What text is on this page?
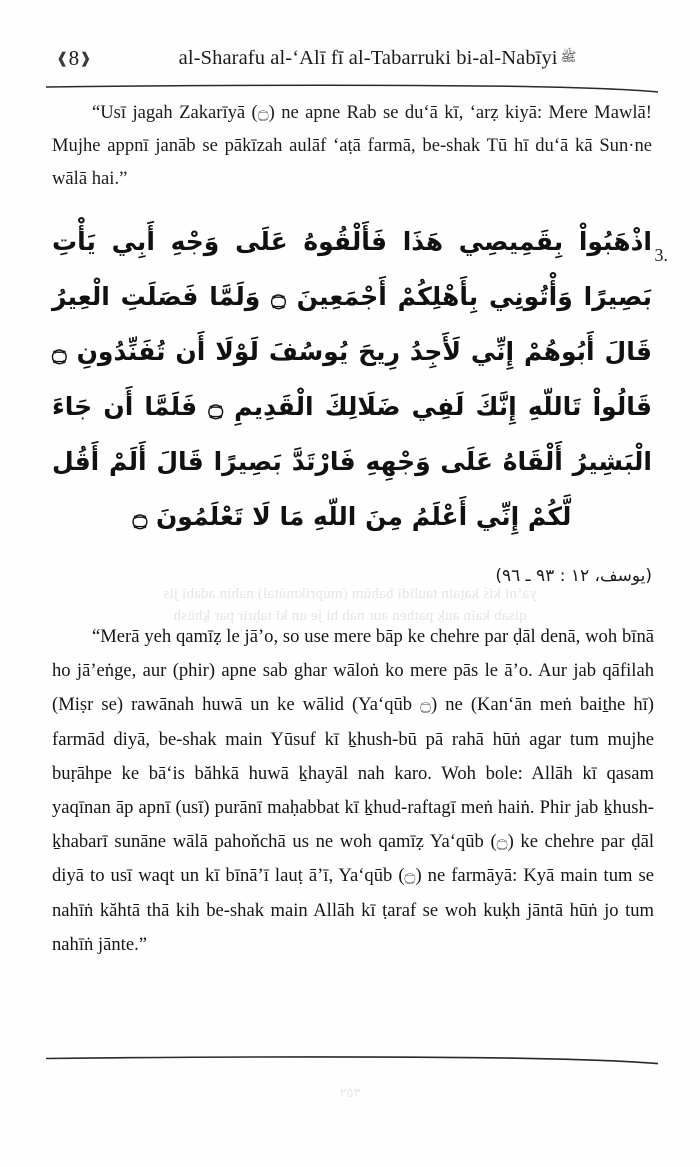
❰8❱	al-Sharafu al-‘Alī fī al-Tabarruki bi-al-Nabīyi ﷺ
ya‘nī kiś kaṯaīn taulīdī baḥūm (muprikmūtal) nahin adabī jis
qisab kaīn auḵ paṭhen aur nah hi je un kī taḥrīr par ḵhūsh
“Usī jagah Zakarīyā (۝) ne apne Rab se du‘ā kī, ‘arẓ kiyā: Mere Mawlā! Mujhe appnī janāb se pākīzah aulāf ‘aṭā farmā, be-shak Tū hī du‘ā kā Sun·ne wālā hai.”
3.
اذْهَبُواْ بِقَمِيصِي هَذَا فَأَلْقُوهُ عَلَى وَجْهِ أَبِي يَأْتِ بَصِيرًا وَأْتُونِي بِأَهْلِكُمْ أَجْمَعِينَ ۝ وَلَمَّا فَصَلَتِ الْعِيرُ قَالَ أَبُوهُمْ إِنِّي لَأَجِدُ رِيحَ يُوسُفَ لَوْلَا أَن تُفَنِّدُونِ ۝ قَالُواْ تَاللّهِ إِنَّكَ لَفِي ضَلَالِكَ الْقَدِيمِ ۝ فَلَمَّا أَن جَاءَ الْبَشِيرُ أَلْقَاهُ عَلَى وَجْهِهِ فَارْتَدَّ بَصِيرًا قَالَ أَلَمْ أَقُل لَّكُمْ إِنِّي أَعْلَمُ مِنَ اللّهِ مَا لَا تَعْلَمُونَ ۝
(يوسف، ١٢ : ٩٣ ـ ٩٦)
“Merā yeh qamīẓ le jā’o, so use mere bāp ke chehre par ḍāl denā, woh bīnā ho jā’eṅge, aur (phir) apne sab ghar wāloṅ ko mere pās le ā’o. Aur jab qāfilah (Miṣr se) rawānah huwā un ke wālid (Ya‘qūb ۝) ne (Kan‘ān meṅ baiṯhe hī) farmād diyā, be-shak main Yūsuf kī ḵhush-bū pā rahā hūṅ agar tum mujhe buṛāhpe ke bā‘is băhkā huwā ḵhayāl nah karo. Woh bole: Allāh kī qasam yaqīnan āp apnī (usī) purānī maḥabbat kī ḵhud-raftagī meṅ haiṅ. Phir jab ḵhush-ḵhabarī sunāne wālā pahoňchā us ne woh qamīẓ Ya‘qūb (۝) ke chehre par ḍāl diyā to usī waqt un kī bīnā’ī lauṭ ā’ī, Ya‘qūb (۝) ne farmāyā: Kyā main tum se nahīṅ kăhtā thā kih be-shak main Allāh kī ṭaraf se woh kuḳh jāntā hūṅ jo tum nahīṅ jānte.”
٢٥٣
